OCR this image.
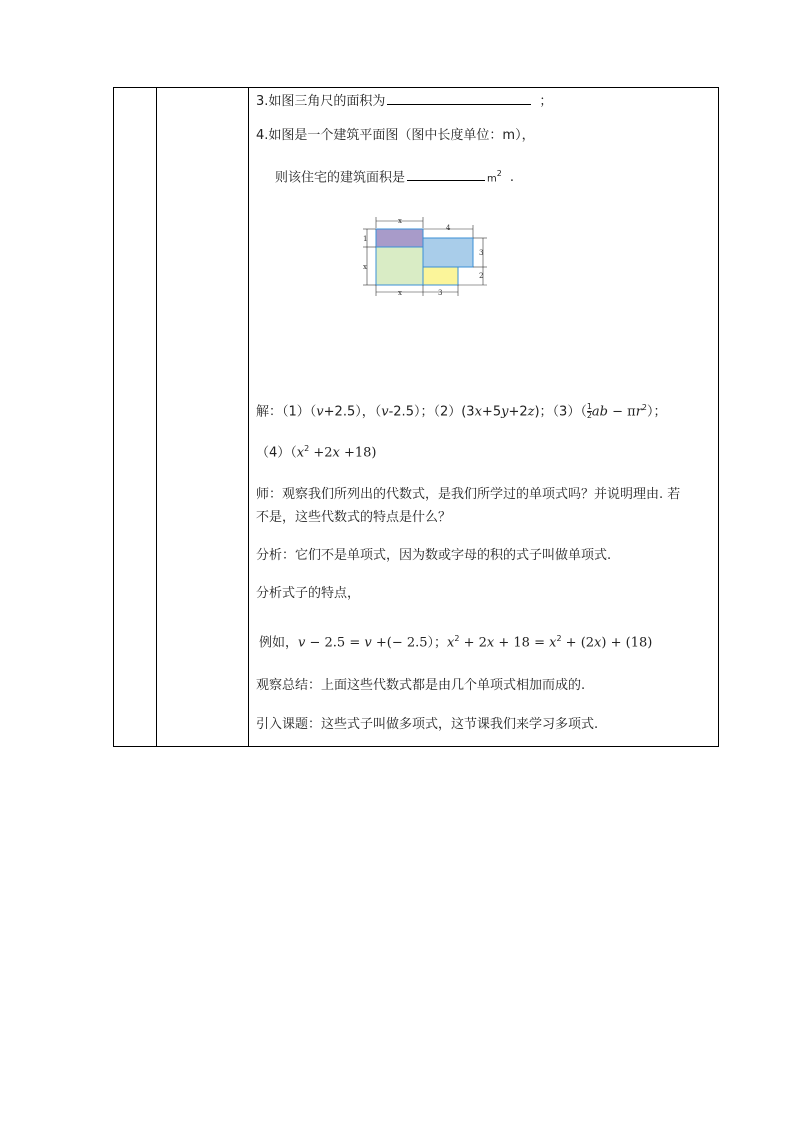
3.如图三角尺的面积为	；
4.如图是一个建筑平面图（图中长度单位：m），
则该住宅的建筑面积是	$m^2$ .
x
4
1
x
3
2
x	3
解：（1）（v+2.5），（v-2.5）；（2）(3x+5y+2z)；$(3)( \frac{1}{2}$ ab − $\pi r^2$）；
$(4)(x^2 +2x +18)$
师：观察我们所列出的代数式，是我们所学过的单项式吗？并说明理由. 若
不是，这些代数式的特点是什么？
分析：它们不是单项式，因为数或字母的积的式子叫做单项式.
分析式子的特点，
例如，v − 2.5 = v +(− 2.5）；$x^2 + 2x + 18 = x^2 + (2x) + (18)$
观察总结：上面这些代数式都是由几个单项式相加而成的.
引入课题：这些式子叫做多项式，这节课我们来学习多项式.
